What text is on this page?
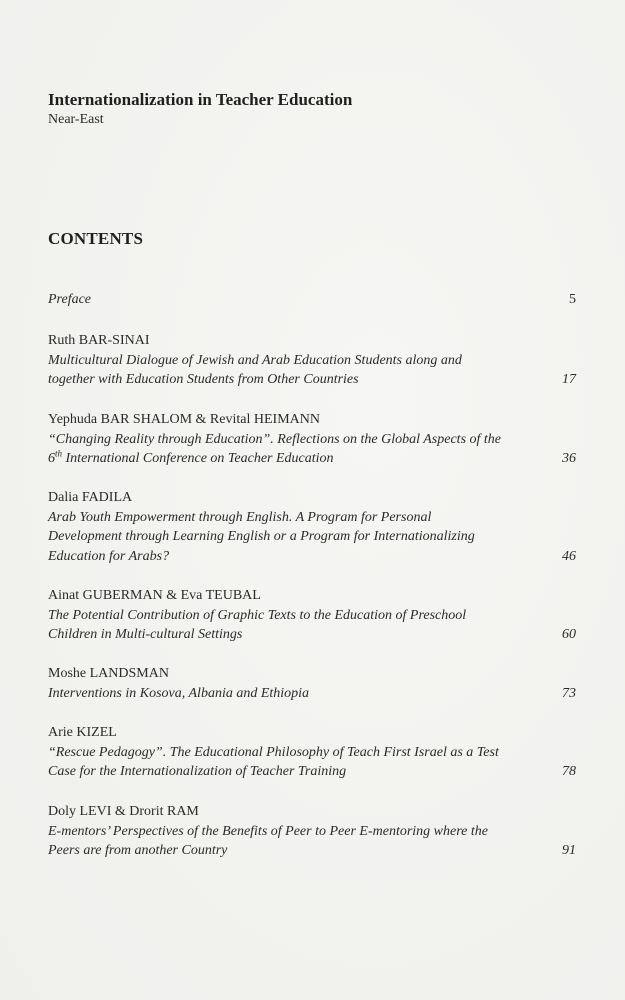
Internationalization in Teacher Education
Near-East
CONTENTS
Preface	5
Ruth BAR-SINAI
Multicultural Dialogue of Jewish and Arab Education Students along and
together with Education Students from Other Countries	17
Yephuda BAR SHALOM & Revital HEIMANN
“Changing Reality through Education”. Reflections on the Global Aspects of the
6th International Conference on Teacher Education	36
Dalia FADILA
Arab Youth Empowerment through English. A Program for Personal
Development through Learning English or a Program for Internationalizing
Education for Arabs?	46
Ainat GUBERMAN & Eva TEUBAL
The Potential Contribution of Graphic Texts to the Education of Preschool
Children in Multi-cultural Settings	60
Moshe LANDSMAN
Interventions in Kosova, Albania and Ethiopia	73
Arie KIZEL
“Rescue Pedagogy”. The Educational Philosophy of Teach First Israel as a Test
Case for the Internationalization of Teacher Training	78
Doly LEVI & Drorit RAM
E-mentors’ Perspectives of the Benefits of Peer to Peer E-mentoring where the
Peers are from another Country	91
